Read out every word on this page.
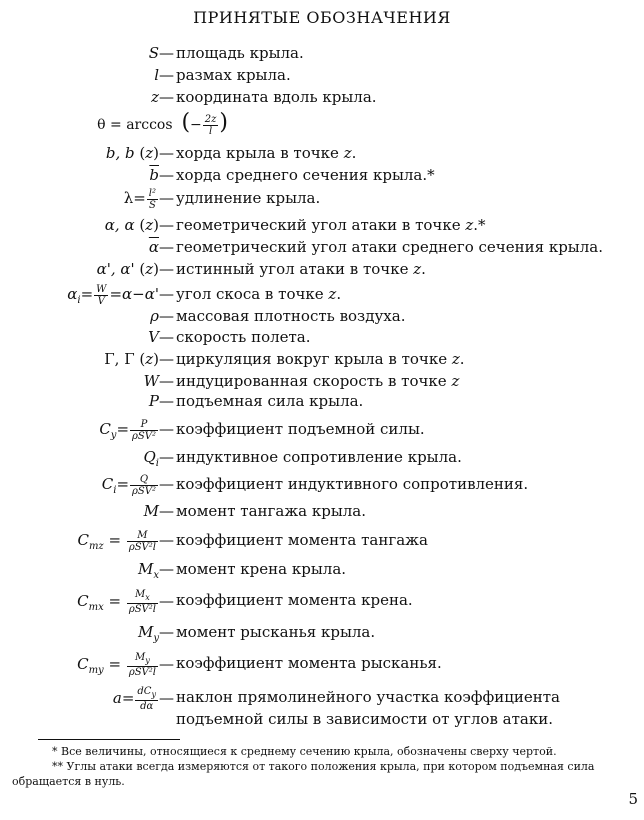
ПРИНЯТЫЕ ОБОЗНАЧЕНИЯ
S— площадь крыла.
l— размах крыла.
z— координата вдоль крыла.
θ = arccos  (− $\frac{2z}{l}$ )
b, b (z)— хорда крыла в точке z.
$\overline{b}—$ хорда среднего сечения крыла.*
$\lambda= \frac{\text{l²}}{S}$ — удлинение крыла.
α, α (z)— геометрический угол атаки в точке z.*
$\overline{\alpha}—$ геометрический угол атаки среднего сечения крыла.
α', α' (z)— истинный угол атаки в точке z.
$\alpha_i= \frac{W}{V}$ =α−α'— угол скоса в точке z.
ρ— массовая плотность воздуха.
V— скорость полета.
Γ, Γ (z)— циркуляция вокруг крыла в точке z.
W— индуцированная скорость в точке z
P— подъемная сила крыла.
$C_y= \frac{P}{\text{ρSV²}}$ — коэффициент подъемной силы.
$Q_i—$ индуктивное сопротивление крыла.
$C_i= \frac{Q}{\text{ρSV²}}$ — коэффициент индуктивного сопротивления.
M— момент тангажа крыла.
$C_{mz} = \frac{M}{\text{ρSV²l}}$ — коэффициент момента тангажа
$M_x—$ момент крена крыла.
$C_{mx} = \frac{M_x}{\text{ρSV²l}}$ — коэффициент момента крена.
$M_y—$ момент рысканья крыла.
$C_{my} = \frac{M_y}{\text{ρSV²l}}$ — коэффициент момента рысканья.
$a= \frac{dC_y}{d\alpha}$ — наклон прямолинейного участка коэффициента подъемной силы в зависимости от углов атаки.
* Все величины, относящиеся к среднему сечению крыла, обозначены сверху чертой.
** Углы атаки всегда измеряются от такого положения крыла, при котором подъемная сила обращается в нуль.
5
